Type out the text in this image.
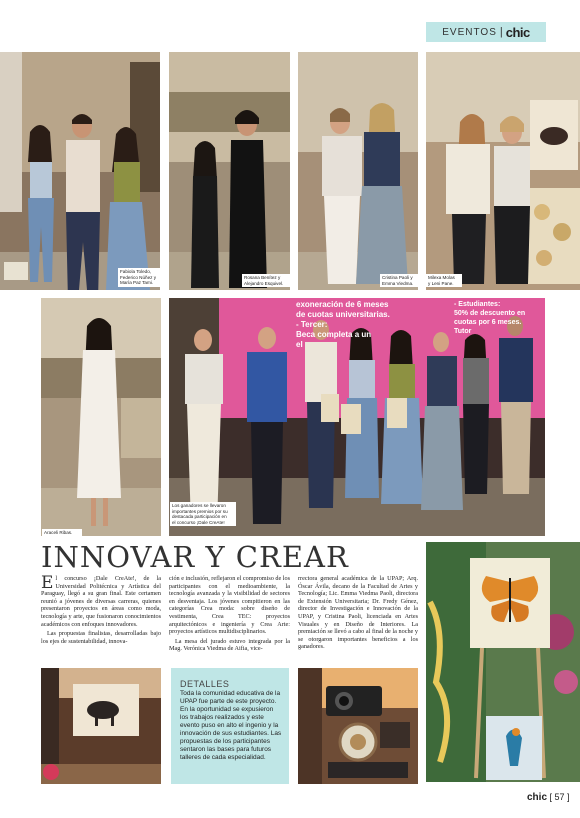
EVENTOS | chic
Fabiola Toledo,
Federico Núñez y
María Paz Tami.
Rosana Benítez y
Alejandro Esquivel.
Cristina Paoli y
Emma Viedma.
Milexa Molas
y Leni Pane.
Araceli Ribas.
exoneración de 6 meses
de cuotas universitarias.
- Tercer:
Beca completa a un
el
- Estudiantes:
50% de descuento en
cuotas por 6 meses.
Tutor
Los ganadores se llevaron
importantes premios por su
destacada participación en
el concurso ¡Dale CreAte!
INNOVAR Y CREAR

El concurso ¡Dale CreAte!, de la Universidad Politécnica y Artística del Paraguay, llegó a su gran final. Este certamen reunió a jóvenes de diversas carreras, quienes presentaron proyectos en áreas como moda, tecnología y arte, que fusionaron conocimientos académicos con enfoques innovadores.

Las propuestas finalistas, desarrolladas bajo los ejes de sustentabilidad, innova-

ción e inclusión, reflejaron el compromiso de los participantes con el medioambiente, la tecnología avanzada y la visibilidad de sectores en desventaja. Los jóvenes compitieron en las categorías Crea moda: sobre diseño de vestimenta, Crea TEC: proyectos arquitectónicos e ingeniería y Crea Arte: proyectos artísticos multidisciplinarios.

La mesa del jurado estuvo integrada por la Mag. Verónica Viedma de Aifia, vice-

rrectora general académica de la UPAP; Arq. Óscar Ávila, decano de la Facultad de Artes y Tecnología; Lic. Emma Viedma Paoli, directora de Extensión Universitaria; Dr. Fredy Génez, director de Investigación e Innovación de la UPAP, y Cristina Paoli, licenciada en Artes Visuales y en Diseño de Interiores. La premiación se llevó a cabo al final de la noche y se otorgaron importantes beneficios a los ganadores.

DETALLES
Toda la comunidad educativa de la UPAP fue parte de este proyecto. En la oportunidad se expusieron los trabajos realizados y este evento puso en alto el ingenio y la innovación de sus estudiantes. Las propuestas de los participantes sentaron las bases para futuros talleres de cada especialidad.
chic [ 57 ]
